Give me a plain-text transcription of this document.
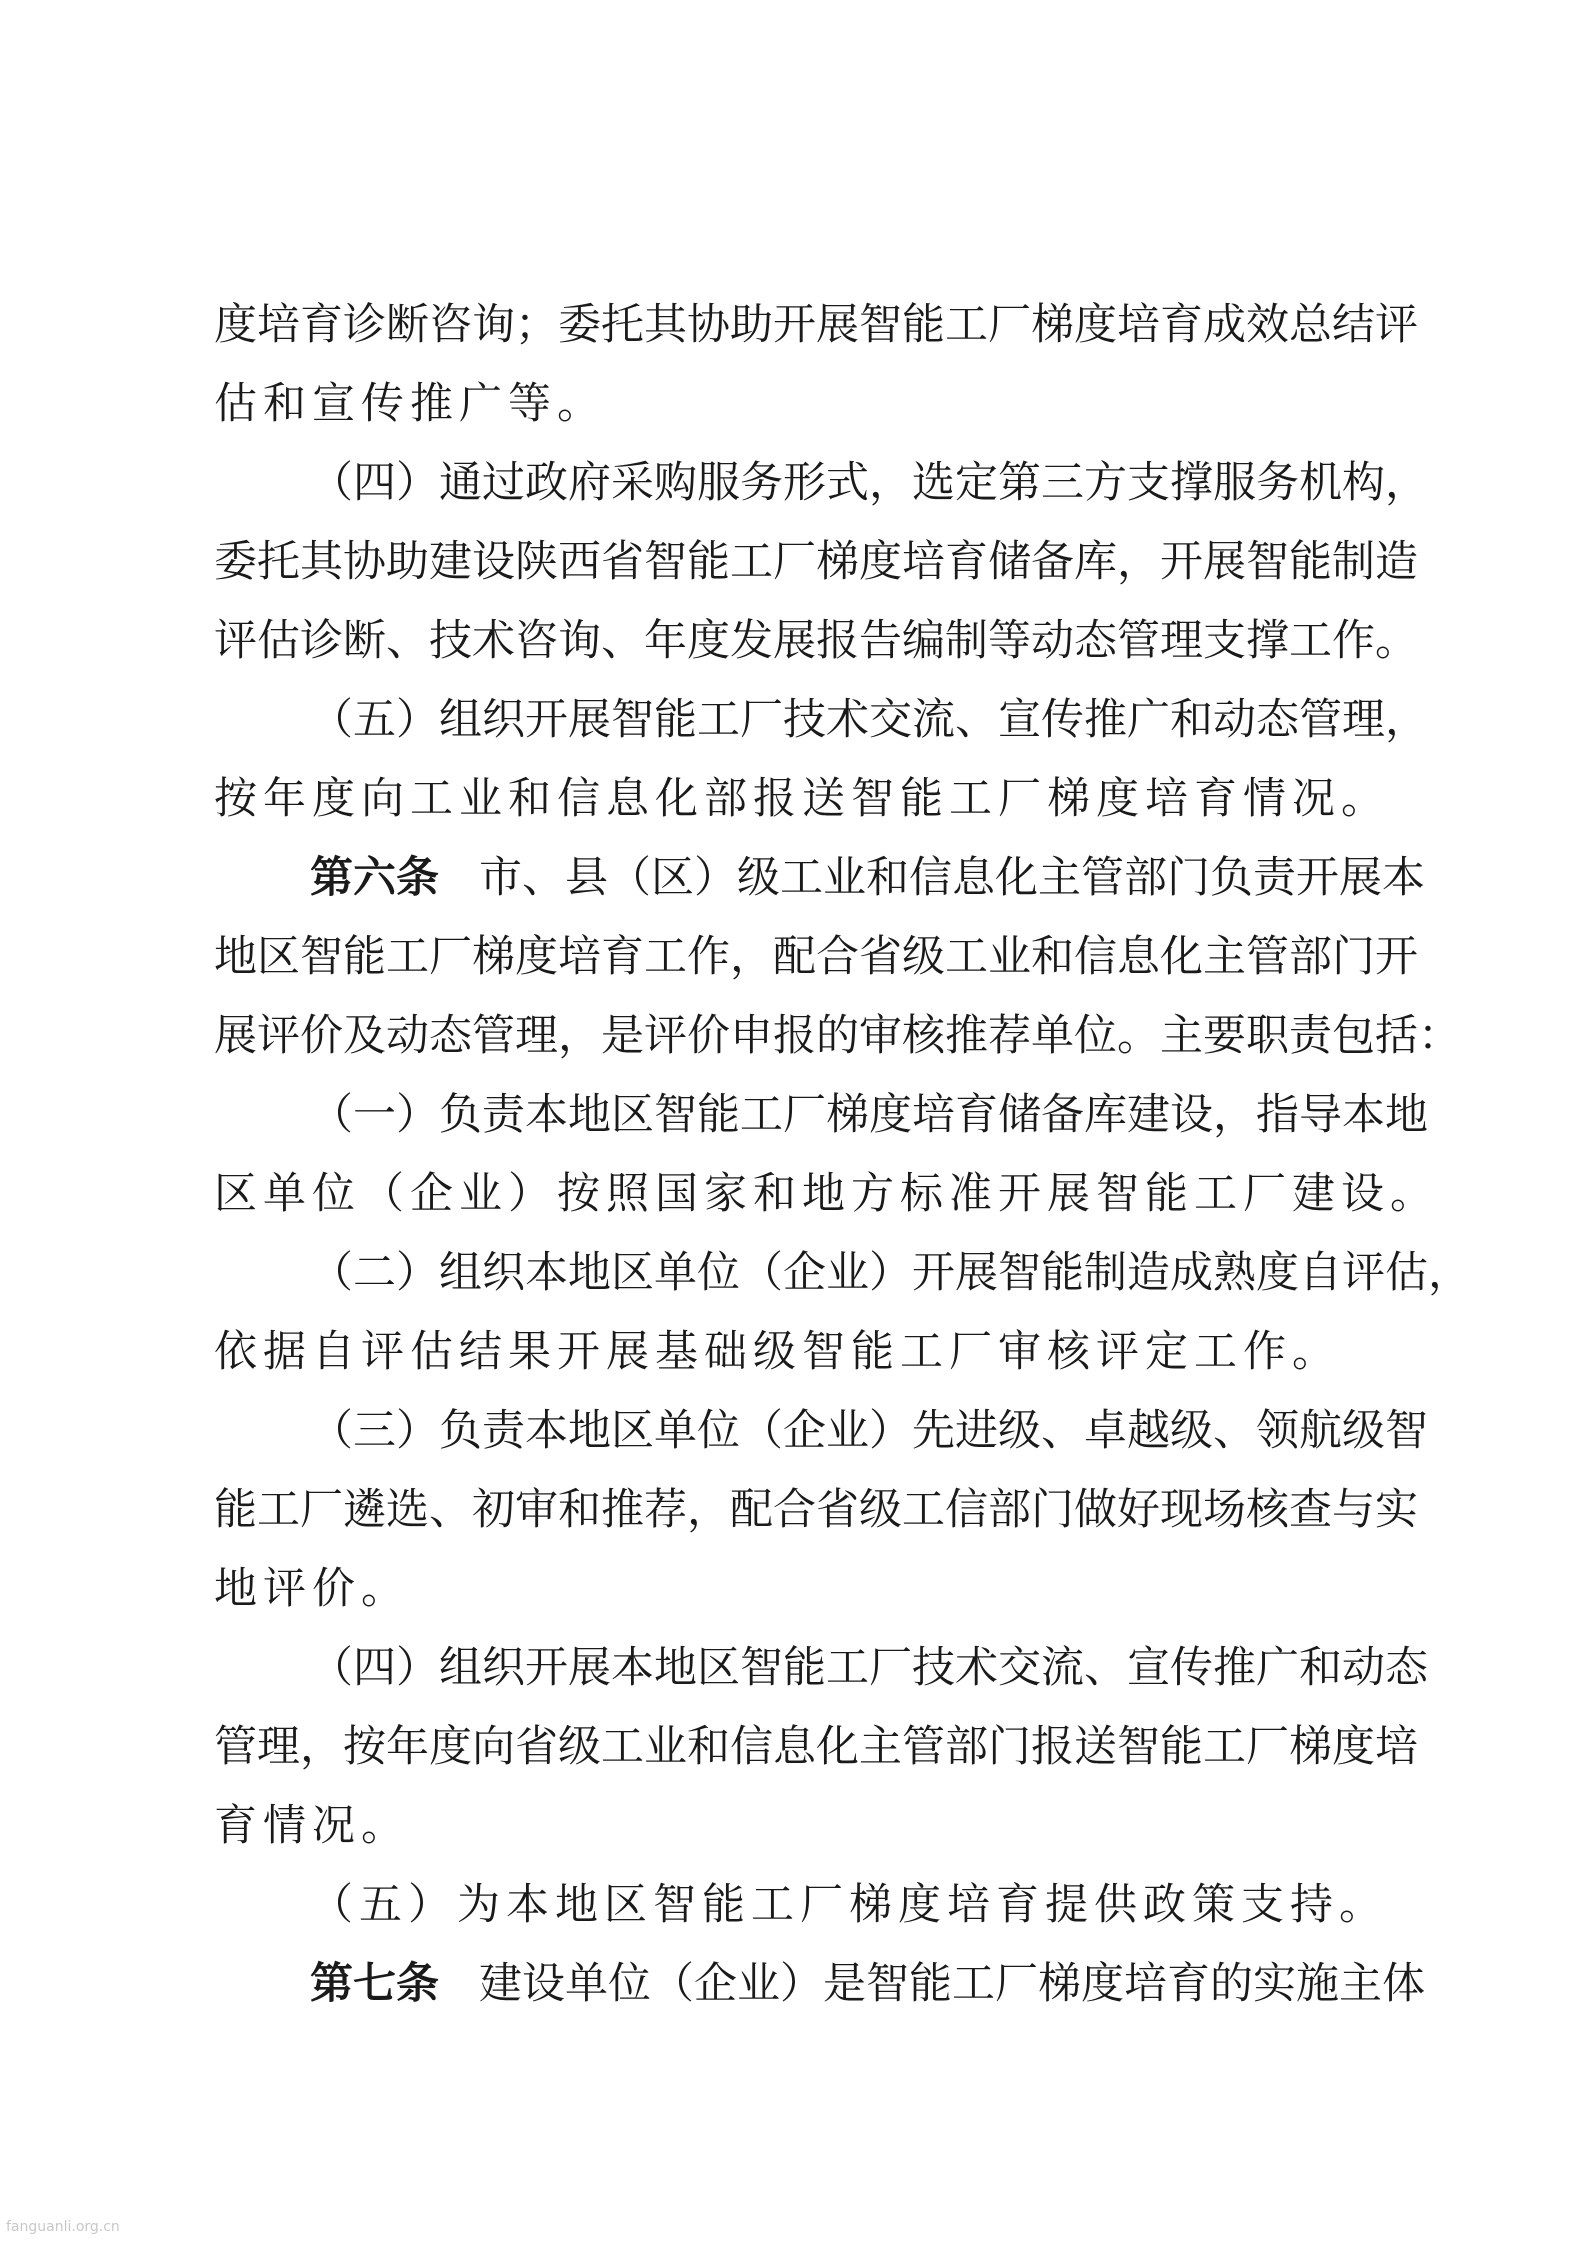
度 培 育 诊 断 咨 询 ； 委 托 其 协 助 开 展 智 能 工 厂 梯 度 培 育 成 效 总 结 评
估和宣传推广等。
（ 四 ） 通 过 政 府 采 购 服 务 形 式 ， 选 定 第 三 方 支 撑 服 务 机 构 ，
委 托 其 协 助 建 设 陕 西 省 智 能 工 厂 梯 度 培 育 储 备 库 ， 开 展 智 能 制 造
评 估 诊 断 、 技 术 咨 询 、 年 度 发 展 报 告 编 制 等 动 态 管 理 支 撑 工 作 。
（ 五 ） 组 织 开 展 智 能 工 厂 技 术 交 流 、 宣 传 推 广 和 动 态 管 理 ，
按年度向工业和信息化部报送智能工厂梯度培育情况。
第六条 市 、 县 （ 区 ） 级 工 业 和 信 息 化 主 管 部 门 负 责 开 展 本
地 区 智 能 工 厂 梯 度 培 育 工 作 ， 配 合 省 级 工 业 和 信 息 化 主 管 部 门 开
展 评 价 及 动 态 管 理 ， 是 评 价 申 报 的 审 核 推 荐 单 位 。 主 要 职 责 包 括 ：
（ 一 ） 负 责 本 地 区 智 能 工 厂 梯 度 培 育 储 备 库 建 设 ， 指 导 本 地
区单位（企业）按照国家和地方标准开展智能工厂建设。
（ 二 ） 组 织 本 地 区 单 位 （ 企 业 ） 开 展 智 能 制 造 成 熟 度 自 评 估 ，
依据自评估结果开展基础级智能工厂审核评定工作。
（ 三 ） 负 责 本 地 区 单 位 （ 企 业 ） 先 进 级 、 卓 越 级 、 领 航 级 智
能 工 厂 遴 选 、 初 审 和 推 荐 ， 配 合 省 级 工 信 部 门 做 好 现 场 核 查 与 实
地评价。
（ 四 ） 组 织 开 展 本 地 区 智 能 工 厂 技 术 交 流 、 宣 传 推 广 和 动 态
管 理 ， 按 年 度 向 省 级 工 业 和 信 息 化 主 管 部 门 报 送 智 能 工 厂 梯 度 培
育情况。
（五）为本地区智能工厂梯度培育提供政策支持。
第七条 建 设 单 位 （ 企 业 ） 是 智 能 工 厂 梯 度 培 育 的 实 施 主 体
fanguanli.org.cn
